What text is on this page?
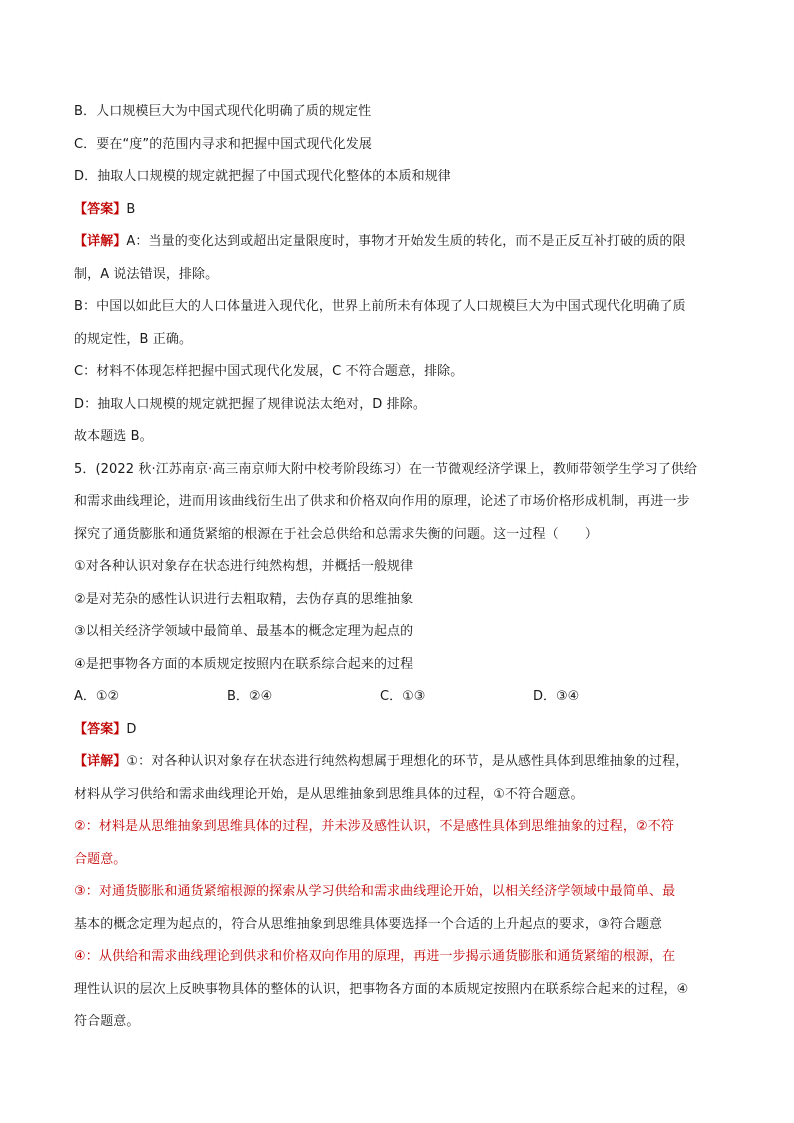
B．人口规模巨大为中国式现代化明确了质的规定性
C．要在“度”的范围内寻求和把握中国式现代化发展
D．抽取人口规模的规定就把握了中国式现代化整体的本质和规律
【答案】B
【详解】A：当量的变化达到或超出定量限度时，事物才开始发生质的转化，而不是正反互补打破的质的限
制，A 说法错误，排除。
B：中国以如此巨大的人口体量进入现代化，世界上前所未有体现了人口规模巨大为中国式现代化明确了质
的规定性，B 正确。
C：材料不体现怎样把握中国式现代化发展，C 不符合题意，排除。
D：抽取人口规模的规定就把握了规律说法太绝对，D 排除。
故本题选 B。
5．(2022 秋·江苏南京·高三南京师大附中校考阶段练习）在一节微观经济学课上，教师带领学生学习了供给
和需求曲线理论，进而用该曲线衍生出了供求和价格双向作用的原理，论述了市场价格形成机制，再进一步
探究了通货膨胀和通货紧缩的根源在于社会总供给和总需求失衡的问题。这一过程（　　）
①对各种认识对象存在状态进行纯然构想，并概括一般规律
②是对芜杂的感性认识进行去粗取精，去伪存真的思维抽象
③以相关经济学领域中最简单、最基本的概念定理为起点的
④是把事物各方面的本质规定按照内在联系综合起来的过程
A．①②	B．②④	C．①③	D．③④
【答案】D
【详解】①：对各种认识对象存在状态进行纯然构想属于理想化的环节，是从感性具体到思维抽象的过程，
材料从学习供给和需求曲线理论开始，是从思维抽象到思维具体的过程，①不符合题意。
②：材料是从思维抽象到思维具体的过程，并未涉及感性认识，不是感性具体到思维抽象的过程，②不符
合题意。
③：对通货膨胀和通货紧缩根源的探索从学习供给和需求曲线理论开始，以相关经济学领域中最简单、最
基本的概念定理为起点的，符合从思维抽象到思维具体要选择一个合适的上升起点的要求，③符合题意
④：从供给和需求曲线理论到供求和价格双向作用的原理，再进一步揭示通货膨胀和通货紧缩的根源，在
理性认识的层次上反映事物具体的整体的认识，把事物各方面的本质规定按照内在联系综合起来的过程，④
符合题意。
